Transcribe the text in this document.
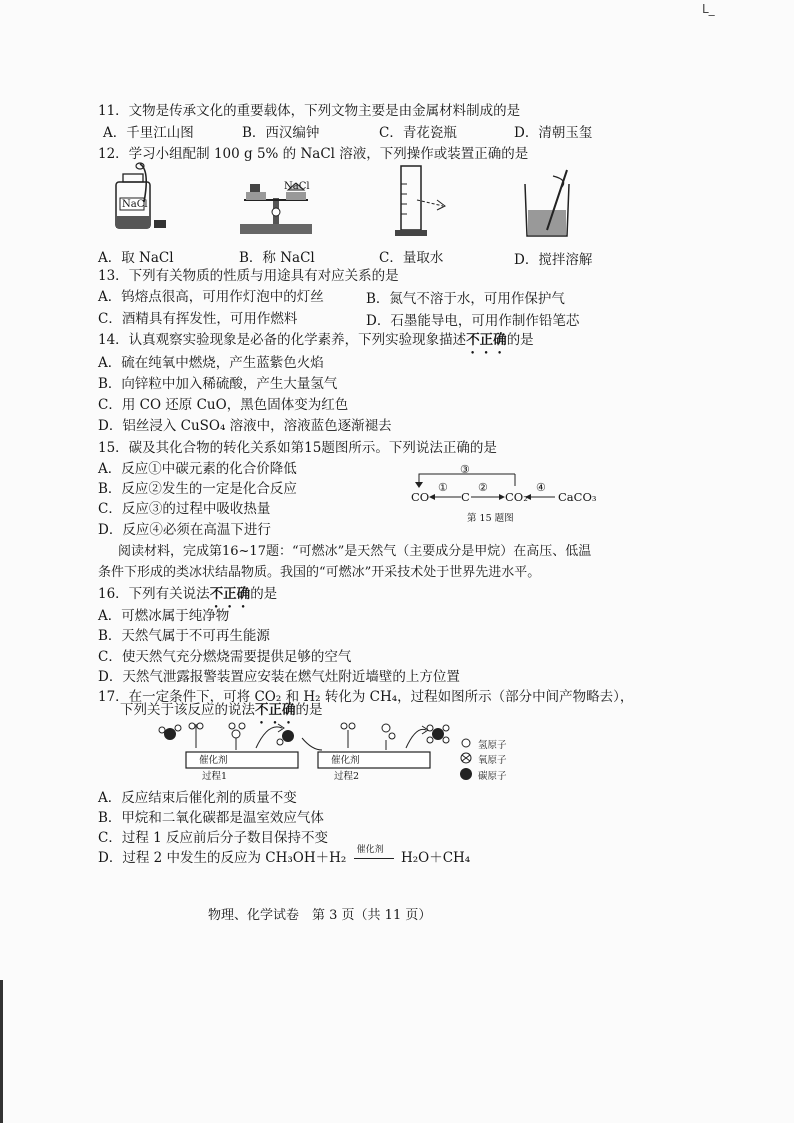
L_
11．文物是传承文化的重要载体，下列文物主要是由金属材料制成的是
A．千里江山图	B．西汉编钟	C．青花瓷瓶	D．清朝玉玺
12．学习小组配制 100 g 5% 的 NaCl 溶液，下列操作或装置正确的是
NaCl
NaCl
A．取 NaCl	B．称 NaCl	C．量取水	D．搅拌溶解
13．下列有关物质的性质与用途具有对应关系的是
A．钨熔点很高，可用作灯泡中的灯丝	B．氮气不溶于水，可用作保护气
C．酒精具有挥发性，可用作燃料	D．石墨能导电，可用作制作铅笔芯
14．认真观察实验现象是必备的化学素养，下列实验现象描述不正确的是
A．硫在纯氧中燃烧，产生蓝紫色火焰
B．向锌粒中加入稀硫酸，产生大量氢气
C．用 CO 还原 CuO，黑色固体变为红色
D．铝丝浸入 CuSO₄ 溶液中，溶液蓝色逐渐褪去
15．碳及其化合物的转化关系如第15题图所示。下列说法正确的是
A．反应①中碳元素的化合价降低
B．反应②发生的一定是化合反应
C．反应③的过程中吸收热量
D．反应④必须在高温下进行
CO	C	CO₂	CaCO₃
①	②
③
④
第 15 题图
阅读材料，完成第16~17题：“可燃冰”是天然气（主要成分是甲烷）在高压、低温
条件下形成的类冰状结晶物质。我国的“可燃冰”开采技术处于世界先进水平。
16．下列有关说法不正确的是
A．可燃冰属于纯净物
B．天然气属于不可再生能源
C．使天然气充分燃烧需要提供足够的空气
D．天然气泄露报警装置应安装在燃气灶附近墙壁的上方位置
17．在一定条件下，可将 CO₂ 和 H₂ 转化为 CH₄，过程如图所示（部分中间产物略去），
下列关于该反应的说法不正确的是
催化剂	催化剂
过程1	过程2
氢原子
氧原子
碳原子
A．反应结束后催化剂的质量不变
B．甲烷和二氧化碳都是温室效应气体
C．过程 1 反应前后分子数目保持不变
D．过程 2 中发生的反应为 CH₃OH＋H₂ 催化剂 H₂O＋CH₄
物理、化学试卷　第 3 页（共 11 页）
